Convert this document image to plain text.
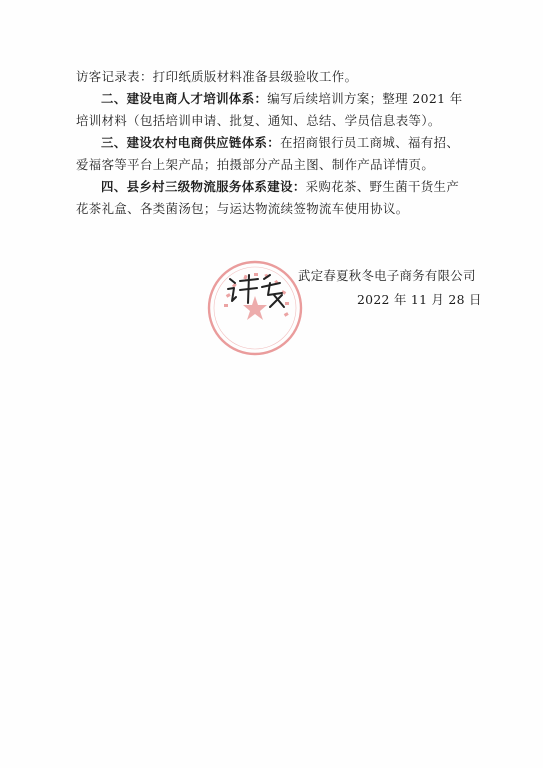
访客记录表：打印纸质版材料准备县级验收工作。

二、建设电商人才培训体系：编写后续培训方案；整理 2021 年培训材料（包括培训申请、批复、通知、总结、学员信息表等）。

三、建设农村电商供应链体系：在招商银行员工商城、福有招、爱福客等平台上架产品；拍摄部分产品主图、制作产品详情页。

四、县乡村三级物流服务体系建设：采购花茶、野生菌干货生产花茶礼盒、各类菌汤包；与运达物流续签物流车使用协议。

武定春夏秋冬电子商务有限公司
2022 年 11 月 28 日
